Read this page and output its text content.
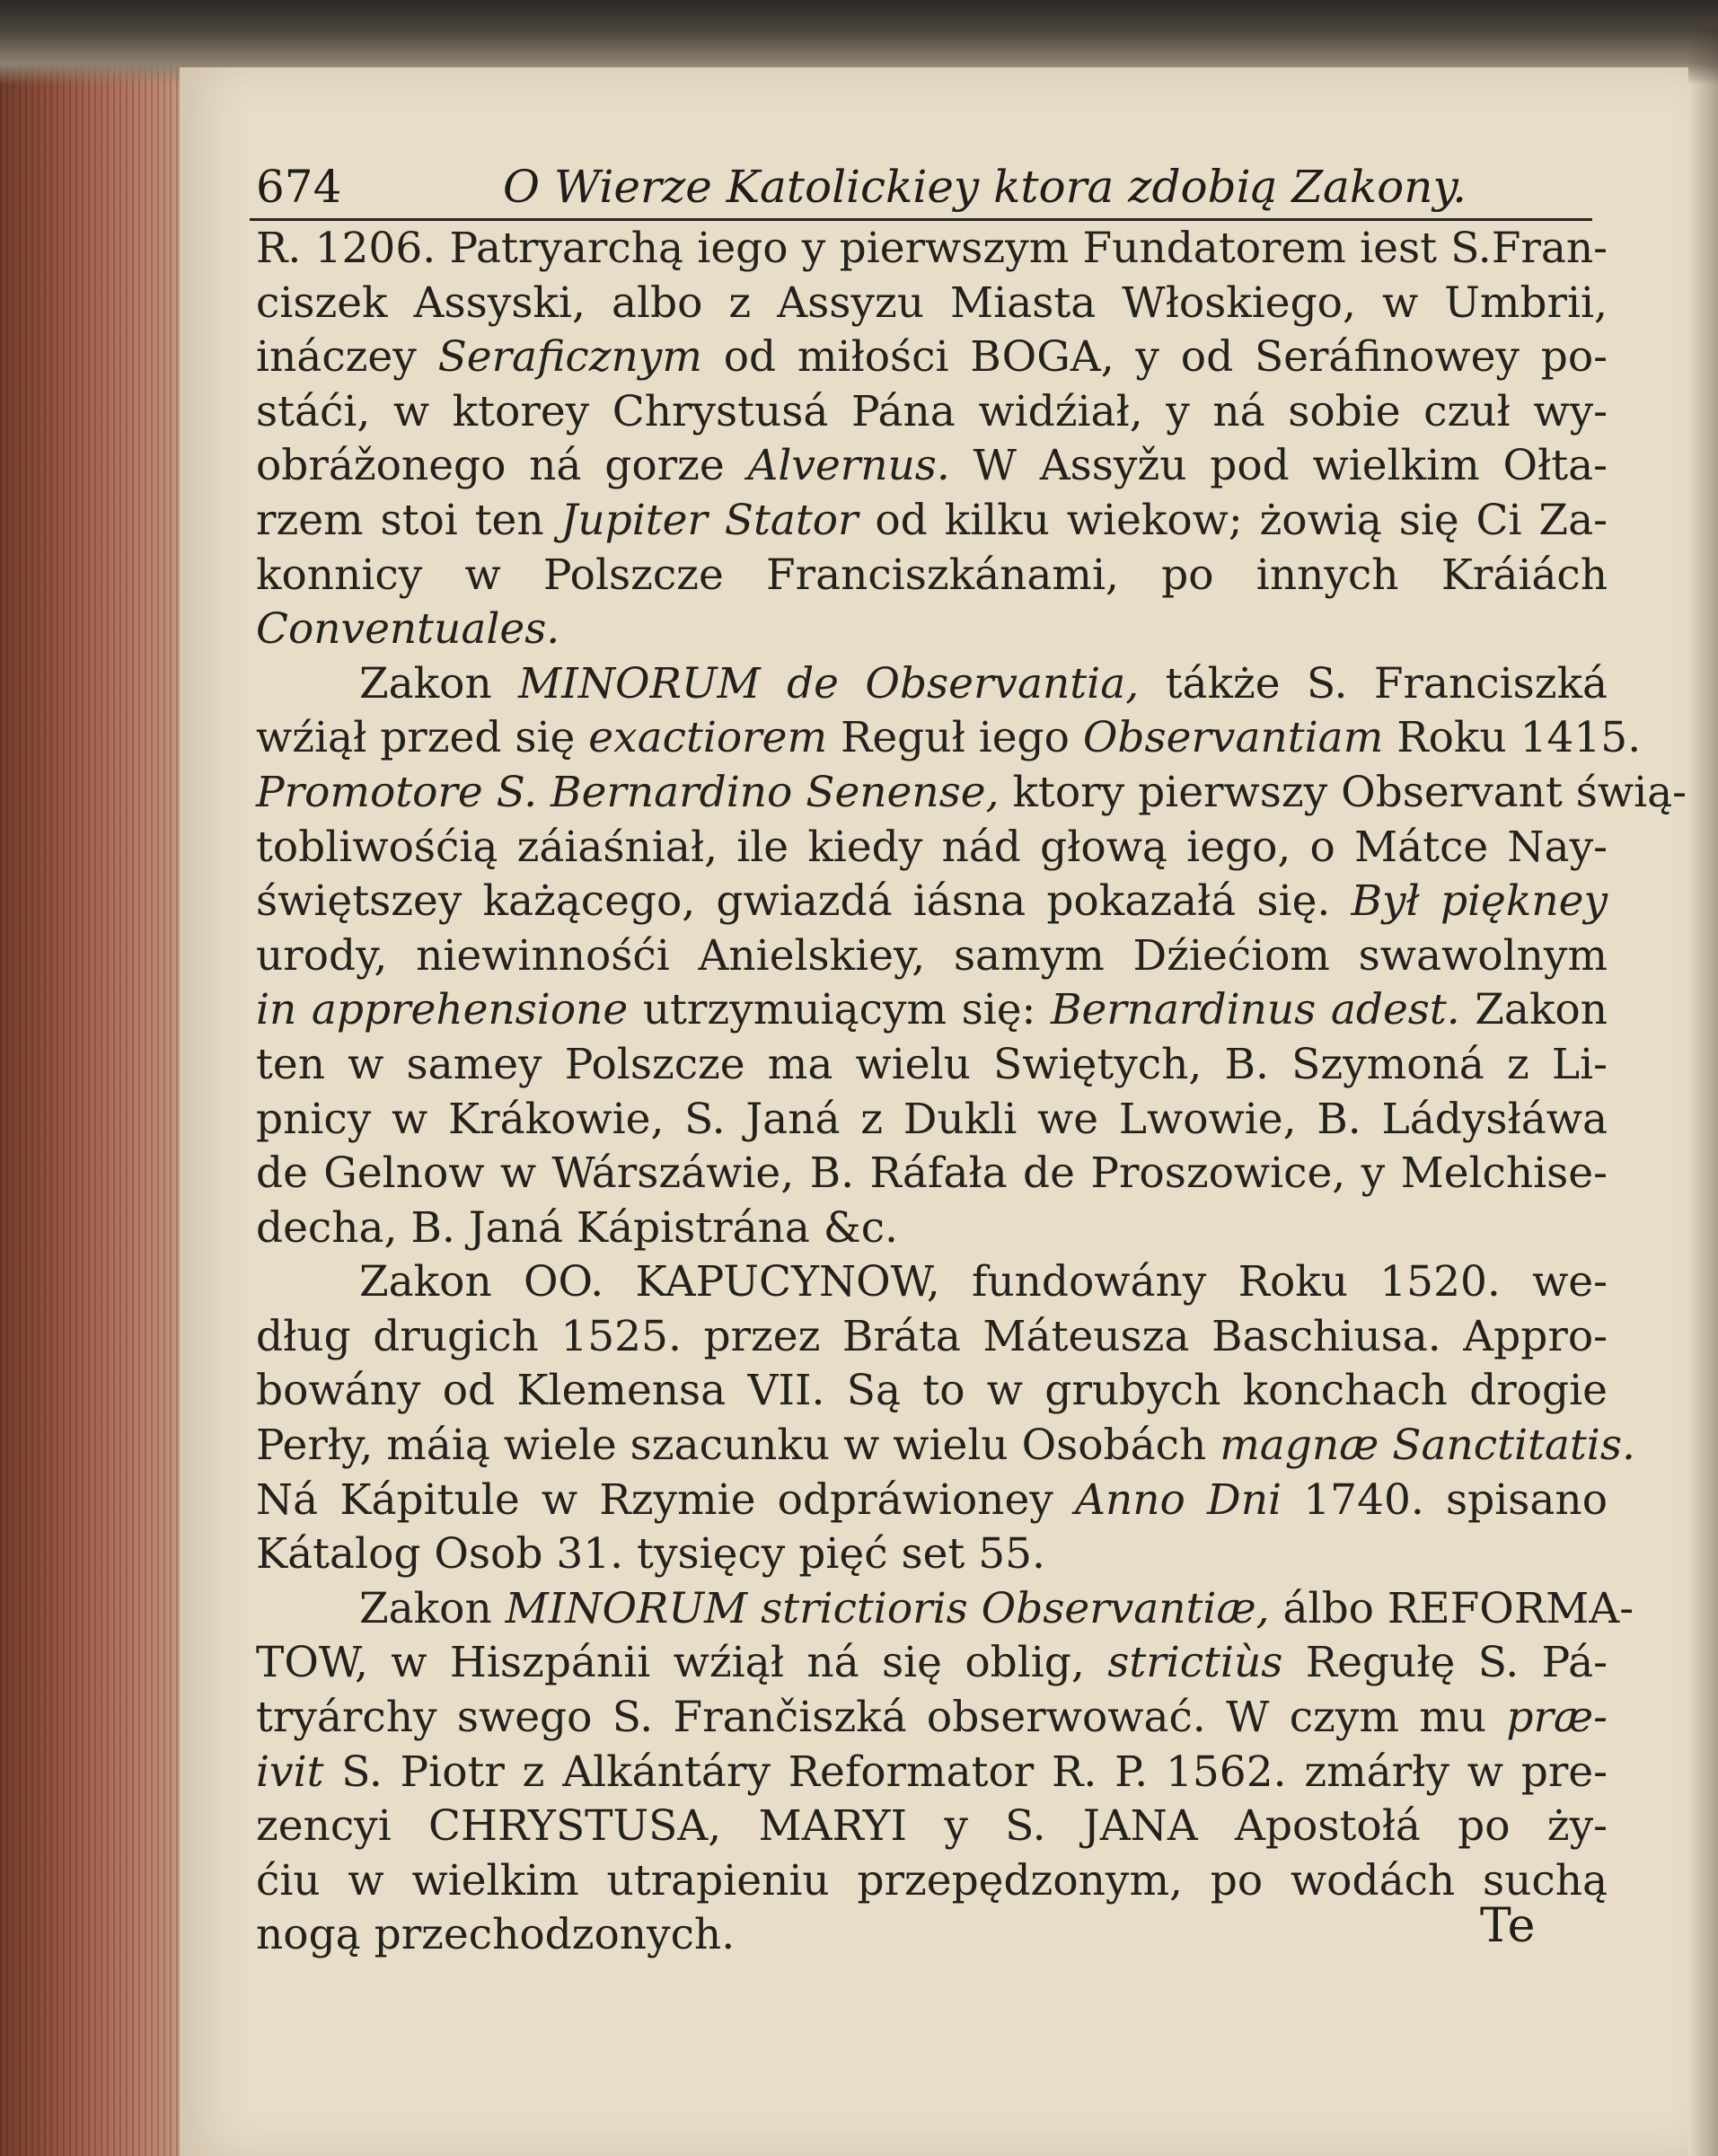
674	O Wierze Katolickiey ktora zdobią Zakony.
R. 1206. Patryarchą iego y pierwszym Fundatorem iest S.Fran-
ciszek Assyski, albo z Assyzu Miasta Włoskiego, w Umbrii,
ináczey Seraficznym od miłości BOGA, y od Seráfinowey po-
stáći, w ktorey Chrystusá Pána widźiał, y ná sobie czuł wy-
obrážonego ná gorze Alvernus. W Assyžu pod wielkim Ołta-
rzem stoi ten Jupiter Stator od kilku wiekow; żowią się Ci Za-
konnicy w Polszcze Franciszkánami, po innych Kráiách
Conventuales.
Zakon MINORUM de Observantia, tákże S. Franciszká
wźiął przed się exactiorem Reguł iego Observantiam Roku 1415.
Promotore S. Bernardino Senense, ktory pierwszy Observant świą-
tobliwośćią záiaśniał, ile kiedy nád głową iego, o Mátce Nay-
świętszey każącego, gwiazdá iásna pokazałá się. Był piękney
urody, niewinnośći Anielskiey, samym Dźiećiom swawolnym
in apprehensione utrzymuiącym się: Bernardinus adest. Zakon
ten w samey Polszcze ma wielu Swiętych, B. Szymoná z Li-
pnicy w Krákowie, S. Janá z Dukli we Lwowie, B. Ládysłáwa
de Gelnow w Wárszáwie, B. Ráfała de Proszowice, y Melchise-
decha, B. Janá Kápistrána &c.
Zakon OO. KAPUCYNOW, fundowány Roku 1520. we-
dług drugich 1525. przez Bráta Máteusza Baschiusa. Appro-
bowány od Klemensa VII. Są to w grubych konchach drogie
Perły, máią wiele szacunku w wielu Osobách magnæ Sanctitatis.
Ná Kápitule w Rzymie odpráwioney Anno Dni 1740. spisano
Kátalog Osob 31. tysięcy pięć set 55.
Zakon MINORUM strictioris Observantiæ, álbo REFORMA-
TOW, w Hiszpánii wźiął ná się oblig, strictiùs Regułę S. Pá-
tryárchy swego S. Frančiszká obserwować. W czym mu præ-
ivit S. Piotr z Alkántáry Reformator R. P. 1562. zmárły w pre-
zencyi CHRYSTUSA, MARYI y S. JANA Apostołá po ży-
ćiu w wielkim utrapieniu przepędzonym, po wodách suchą
nogą przechodzonych.	Te
